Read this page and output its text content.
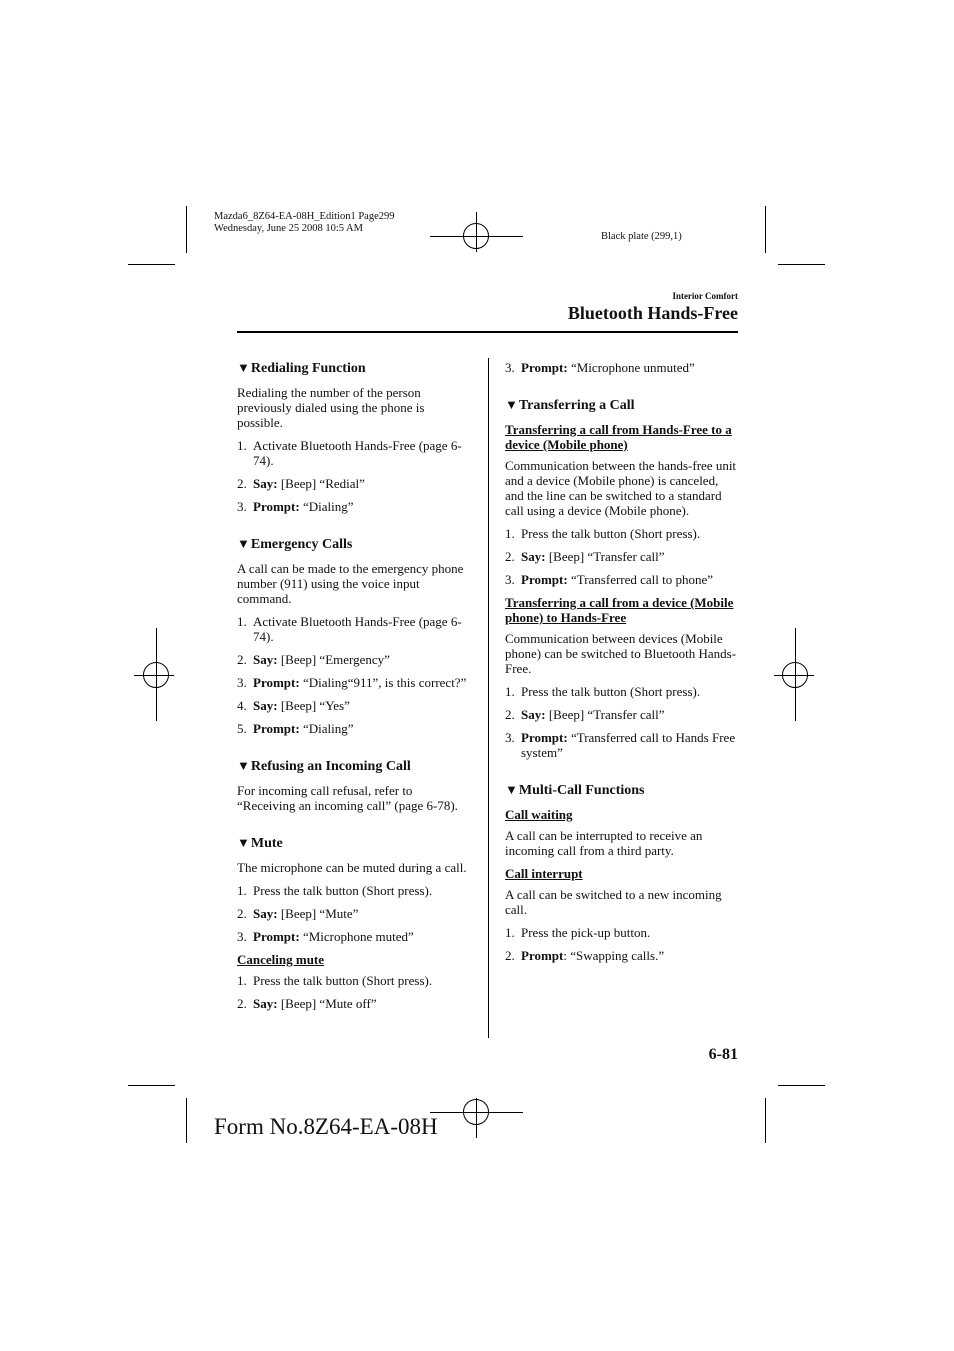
Mazda6_8Z64-EA-08H_Edition1 Page299
Wednesday, June 25 2008 10:5 AM
Black plate (299,1)
Interior Comfort
Bluetooth Hands-Free
▼Redialing Function

Redialing the number of the person previously dialed using the phone is possible.

1. Activate Bluetooth Hands-Free (page 6-74).
2. Say: [Beep] “Redial”
3. Prompt: “Dialing”
▼Emergency Calls

A call can be made to the emergency phone number (911) using the voice input command.

1. Activate Bluetooth Hands-Free (page 6-74).
2. Say: [Beep] “Emergency”
3. Prompt: “Dialing“911”, is this correct?”
4. Say: [Beep] “Yes”
5. Prompt: “Dialing”
▼Refusing an Incoming Call

For incoming call refusal, refer to “Receiving an incoming call” (page 6-78).

▼Mute

The microphone can be muted during a call.

1. Press the talk button (Short press).
2. Say: [Beep] “Mute”
3. Prompt: “Microphone muted”
Canceling mute
1. Press the talk button (Short press).
2. Say: [Beep] “Mute off”
3. Prompt: “Microphone unmuted”
▼Transferring a Call
Transferring a call from Hands-Free to a device (Mobile phone)

Communication between the hands-free unit and a device (Mobile phone) is canceled, and the line can be switched to a standard call using a device (Mobile phone).

1. Press the talk button (Short press).
2. Say: [Beep] “Transfer call”
3. Prompt: “Transferred call to phone”
Transferring a call from a device (Mobile phone) to Hands-Free

Communication between devices (Mobile phone) can be switched to Bluetooth Hands-Free.

1. Press the talk button (Short press).
2. Say: [Beep] “Transfer call”
3. Prompt: “Transferred call to Hands Free system”
▼Multi-Call Functions
Call waiting

A call can be interrupted to receive an incoming call from a third party.

Call interrupt

A call can be switched to a new incoming call.

1. Press the pick-up button.
2. Prompt: “Swapping calls.”
6-81
Form No.8Z64-EA-08H
